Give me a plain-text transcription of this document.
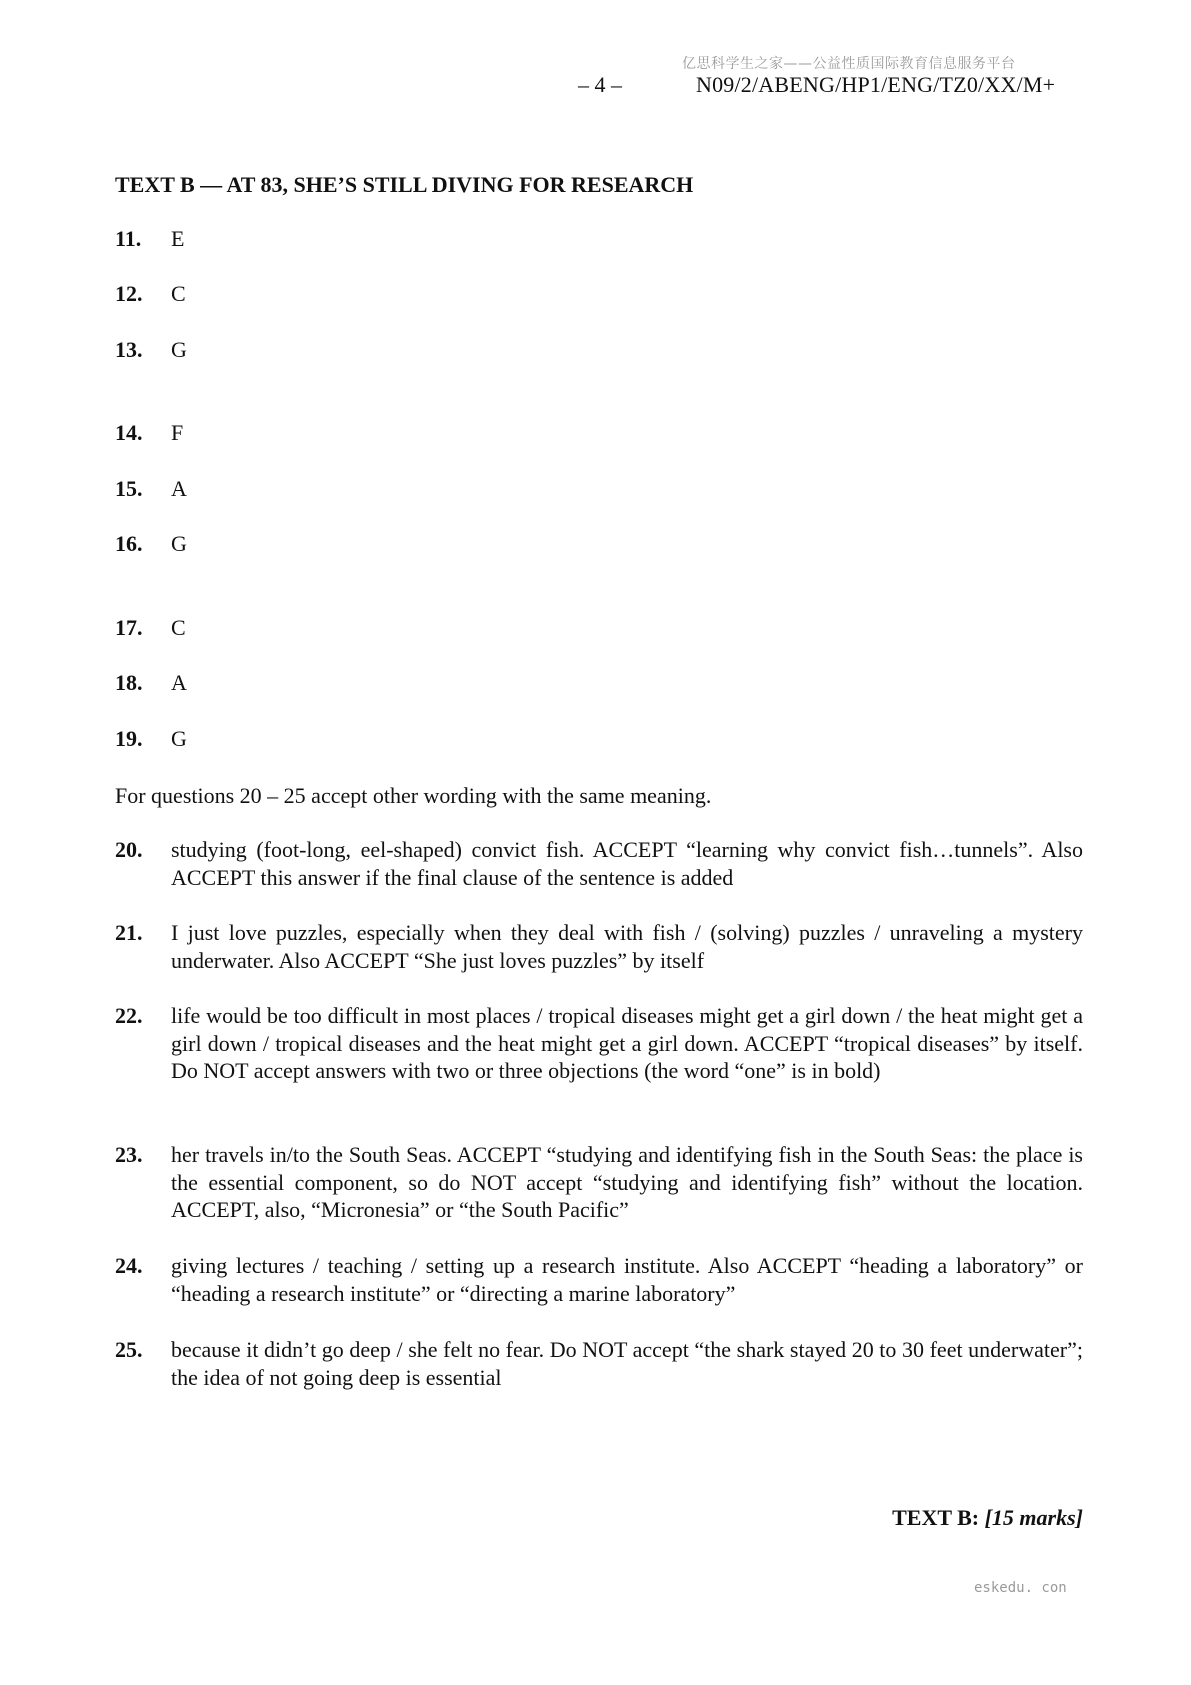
亿思科学生之家——公益性质国际教育信息服务平台
– 4 –	N09/2/ABENG/HP1/ENG/TZ0/XX/M+
TEXT B — AT 83, SHE’S STILL DIVING FOR RESEARCH
11.	E
12.	C
13.	G
14.	F
15.	A
16.	G
17.	C
18.	A
19.	G
For questions 20 – 25 accept other wording with the same meaning.
20.	studying (foot-long, eel-shaped) convict fish. ACCEPT “learning why convict fish…tunnels”. Also ACCEPT this answer if the final clause of the sentence is added
21.	I just love puzzles, especially when they deal with fish / (solving) puzzles / unraveling a mystery underwater. Also ACCEPT “She just loves puzzles” by itself
22.	life would be too difficult in most places / tropical diseases might get a girl down / the heat might get a girl down / tropical diseases and the heat might get a girl down. ACCEPT “tropical diseases” by itself. Do NOT accept answers with two or three objections (the word “one” is in bold)
23.	her travels in/to the South Seas. ACCEPT “studying and identifying fish in the South Seas: the place is the essential component, so do NOT accept “studying and identifying fish” without the location. ACCEPT, also, “Micronesia” or “the South Pacific”
24.	giving lectures / teaching / setting up a research institute. Also ACCEPT “heading a laboratory” or “heading a research institute” or “directing a marine laboratory”
25.	because it didn’t go deep / she felt no fear. Do NOT accept “the shark stayed 20 to 30 feet underwater”; the idea of not going deep is essential
TEXT B: [15 marks]
eskedu. con
